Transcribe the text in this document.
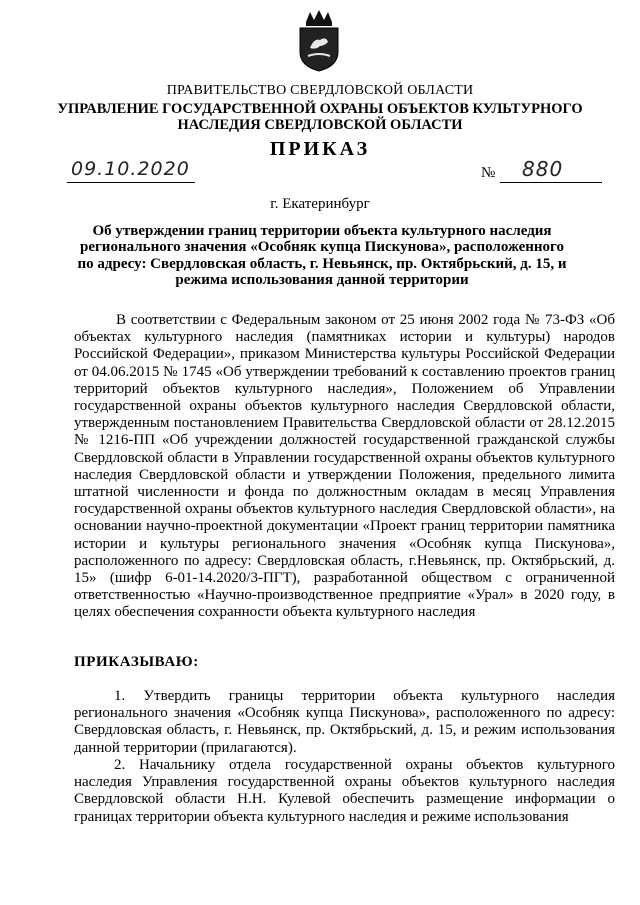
ПРАВИТЕЛЬСТВО СВЕРДЛОВСКОЙ ОБЛАСТИ
УПРАВЛЕНИЕ ГОСУДАРСТВЕННОЙ ОХРАНЫ ОБЪЕКТОВ КУЛЬТУРНОГО НАСЛЕДИЯ СВЕРДЛОВСКОЙ ОБЛАСТИ
ПРИКАЗ
09.10.2020	№ 880
г. Екатеринбург
Об утверждении границ территории объекта культурного наследия регионального значения «Особняк купца Пискунова», расположенного по адресу: Свердловская область, г. Невьянск, пр. Октябрьский, д. 15, и режима использования данной территории

В соответствии с Федеральным законом от 25 июня 2002 года № 73-ФЗ «Об объектах культурного наследия (памятниках истории и культуры) народов Российской Федерации», приказом Министерства культуры Российской Федерации от 04.06.2015 № 1745 «Об утверждении требований к составлению проектов границ территорий объектов культурного наследия», Положением об Управлении государственной охраны объектов культурного наследия Свердловской области, утвержденным постановлением Правительства Свердловской области от 28.12.2015 № 1216-ПП «Об учреждении должностей государственной гражданской службы Свердловской области в Управлении государственной охраны объектов культурного наследия Свердловской области и утверждении Положения, предельного лимита штатной численности и фонда по должностным окладам в месяц Управления государственной охраны объектов культурного наследия Свердловской области», на основании научно-проектной документации «Проект границ территории памятника истории и культуры регионального значения «Особняк купца Пискунова», расположенного по адресу: Свердловская область, г.Невьянск, пр. Октябрьский, д. 15» (шифр 6-01-14.2020/3-ПГТ), разработанной обществом с ограниченной ответственностью «Научно-производственное предприятие «Урал» в 2020 году, в целях обеспечения сохранности объекта культурного наследия

ПРИКАЗЫВАЮ:

1. Утвердить границы территории объекта культурного наследия регионального значения «Особняк купца Пискунова», расположенного по адресу: Свердловская область, г. Невьянск, пр. Октябрьский, д. 15, и режим использования данной территории (прилагаются).

2. Начальнику отдела государственной охраны объектов культурного наследия Управления государственной охраны объектов культурного наследия Свердловской области Н.Н. Кулевой обеспечить размещение информации о границах территории объекта культурного наследия и режиме использования
